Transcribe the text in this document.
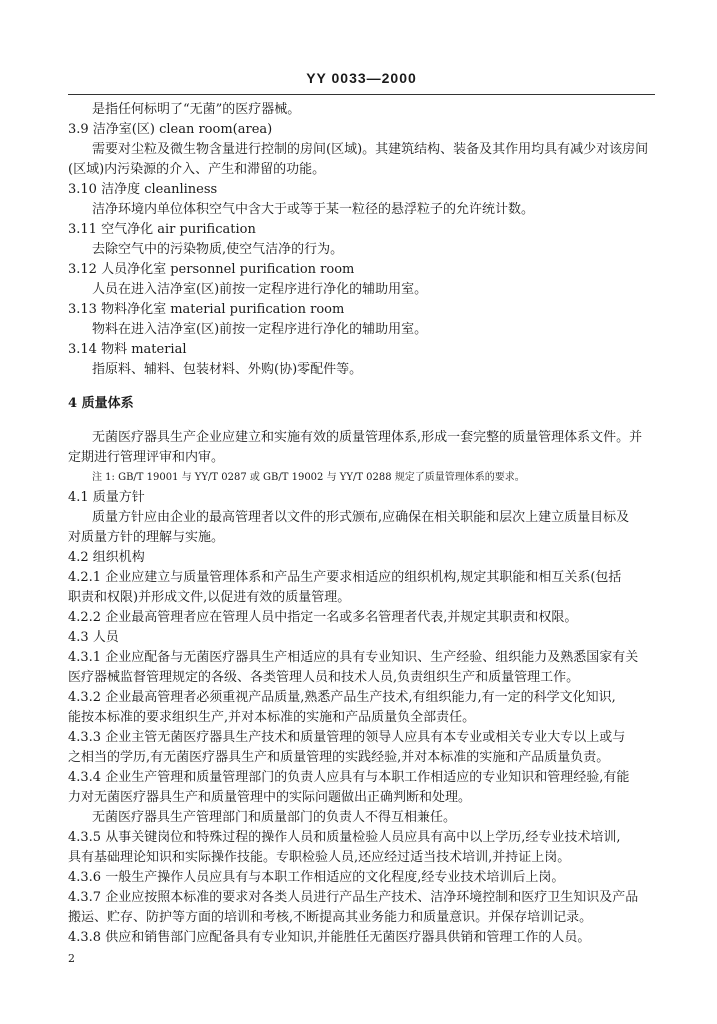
YY 0033—2000
是指任何标明了“无菌”的医疗器械。
3.9 洁净室(区) clean room(area)
需要对尘粒及微生物含量进行控制的房间(区域)。其建筑结构、装备及其作用均具有减少对该房间
(区域)内污染源的介入、产生和滞留的功能。
3.10 洁净度 cleanliness
洁净环境内单位体积空气中含大于或等于某一粒径的悬浮粒子的允许统计数。
3.11 空气净化 air purification
去除空气中的污染物质,使空气洁净的行为。
3.12 人员净化室 personnel purification room
人员在进入洁净室(区)前按一定程序进行净化的辅助用室。
3.13 物料净化室 material purification room
物料在进入洁净室(区)前按一定程序进行净化的辅助用室。
3.14 物料 material
指原料、辅料、包装材料、外购(协)零配件等。
4 质量体系
无菌医疗器具生产企业应建立和实施有效的质量管理体系,形成一套完整的质量管理体系文件。并
定期进行管理评审和内审。
注 1: GB/T 19001 与 YY/T 0287 或 GB/T 19002 与 YY/T 0288 规定了质量管理体系的要求。
4.1 质量方针
质量方针应由企业的最高管理者以文件的形式颁布,应确保在相关职能和层次上建立质量目标及
对质量方针的理解与实施。
4.2 组织机构
4.2.1 企业应建立与质量管理体系和产品生产要求相适应的组织机构,规定其职能和相互关系(包括
职责和权限)并形成文件,以促进有效的质量管理。
4.2.2 企业最高管理者应在管理人员中指定一名或多名管理者代表,并规定其职责和权限。
4.3 人员
4.3.1 企业应配备与无菌医疗器具生产相适应的具有专业知识、生产经验、组织能力及熟悉国家有关
医疗器械监督管理规定的各级、各类管理人员和技术人员,负责组织生产和质量管理工作。
4.3.2 企业最高管理者必须重视产品质量,熟悉产品生产技术,有组织能力,有一定的科学文化知识,
能按本标准的要求组织生产,并对本标准的实施和产品质量负全部责任。
4.3.3 企业主管无菌医疗器具生产技术和质量管理的领导人应具有本专业或相关专业大专以上或与
之相当的学历,有无菌医疗器具生产和质量管理的实践经验,并对本标准的实施和产品质量负责。
4.3.4 企业生产管理和质量管理部门的负责人应具有与本职工作相适应的专业知识和管理经验,有能
力对无菌医疗器具生产和质量管理中的实际问题做出正确判断和处理。
无菌医疗器具生产管理部门和质量部门的负责人不得互相兼任。
4.3.5 从事关键岗位和特殊过程的操作人员和质量检验人员应具有高中以上学历,经专业技术培训,
具有基础理论知识和实际操作技能。专职检验人员,还应经过适当技术培训,并持证上岗。
4.3.6 一般生产操作人员应具有与本职工作相适应的文化程度,经专业技术培训后上岗。
4.3.7 企业应按照本标准的要求对各类人员进行产品生产技术、洁净环境控制和医疗卫生知识及产品
搬运、贮存、防护等方面的培训和考核,不断提高其业务能力和质量意识。并保存培训记录。
4.3.8 供应和销售部门应配备具有专业知识,并能胜任无菌医疗器具供销和管理工作的人员。
2
